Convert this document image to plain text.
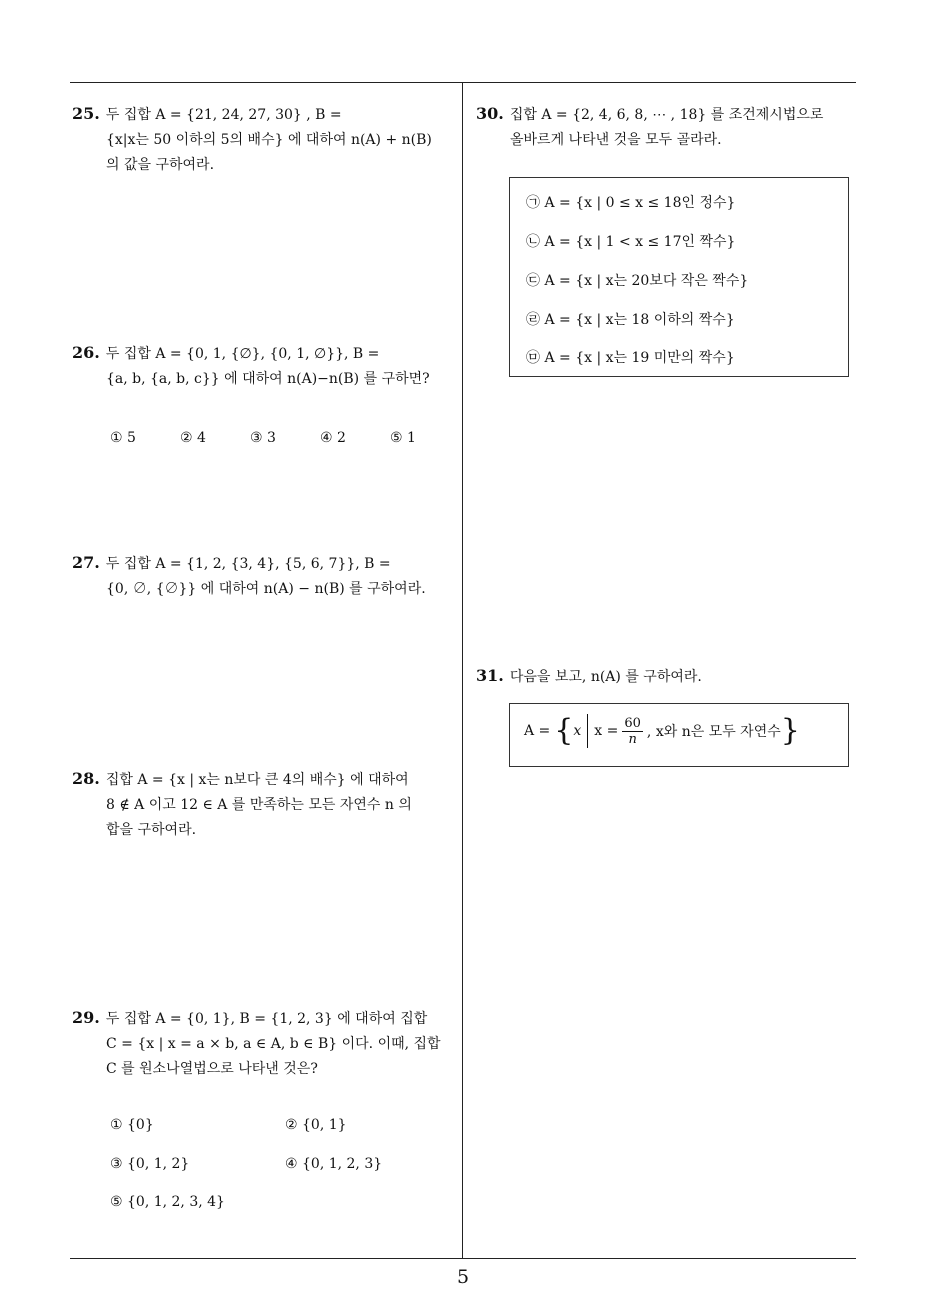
25. 두 집합 A = {21, 24, 27, 30} , B =
{x|x는 50 이하의 5의 배수} 에 대하여 n(A) + n(B)
의 값을 구하여라.
26. 두 집합 A = {0, 1, {∅}, {0, 1, ∅}}, B =
{a, b, {a, b, c}} 에 대하여 n(A)−n(B) 를 구하면?
① 5	② 4	③ 3	④ 2	⑤ 1
27. 두 집합 A = {1, 2, {3, 4}, {5, 6, 7}}, B =
{0, ∅, {∅}} 에 대하여 n(A) − n(B) 를 구하여라.
28. 집합 A = {x | x는 n보다 큰 4의 배수} 에 대하여
8 ∉ A 이고 12 ∈ A 를 만족하는 모든 자연수 n 의
합을 구하여라.
29. 두 집합 A = {0, 1}, B = {1, 2, 3} 에 대하여 집합
C = {x | x = a × b, a ∈ A, b ∈ B} 이다. 이때, 집합
C 를 원소나열법으로 나타낸 것은?
① {0}	② {0, 1}
③ {0, 1, 2}	④ {0, 1, 2, 3}
⑤ {0, 1, 2, 3, 4}
30. 집합 A = {2, 4, 6, 8, ⋯ , 18} 를 조건제시법으로
올바르게 나타낸 것을 모두 골라라.
㉠ A = {x | 0 ≤ x ≤ 18인 정수}
㉡ A = {x | 1 < x ≤ 17인 짝수}
㉢ A = {x | x는 20보다 작은 짝수}
㉣ A = {x | x는 18 이하의 짝수}
㉤ A = {x | x는 19 미만의 짝수}
31. 다음을 보고, n(A) 를 구하여라.
A = { x $x = \frac{60}{n}$ , x와 n은 모두 자연수 }
5
